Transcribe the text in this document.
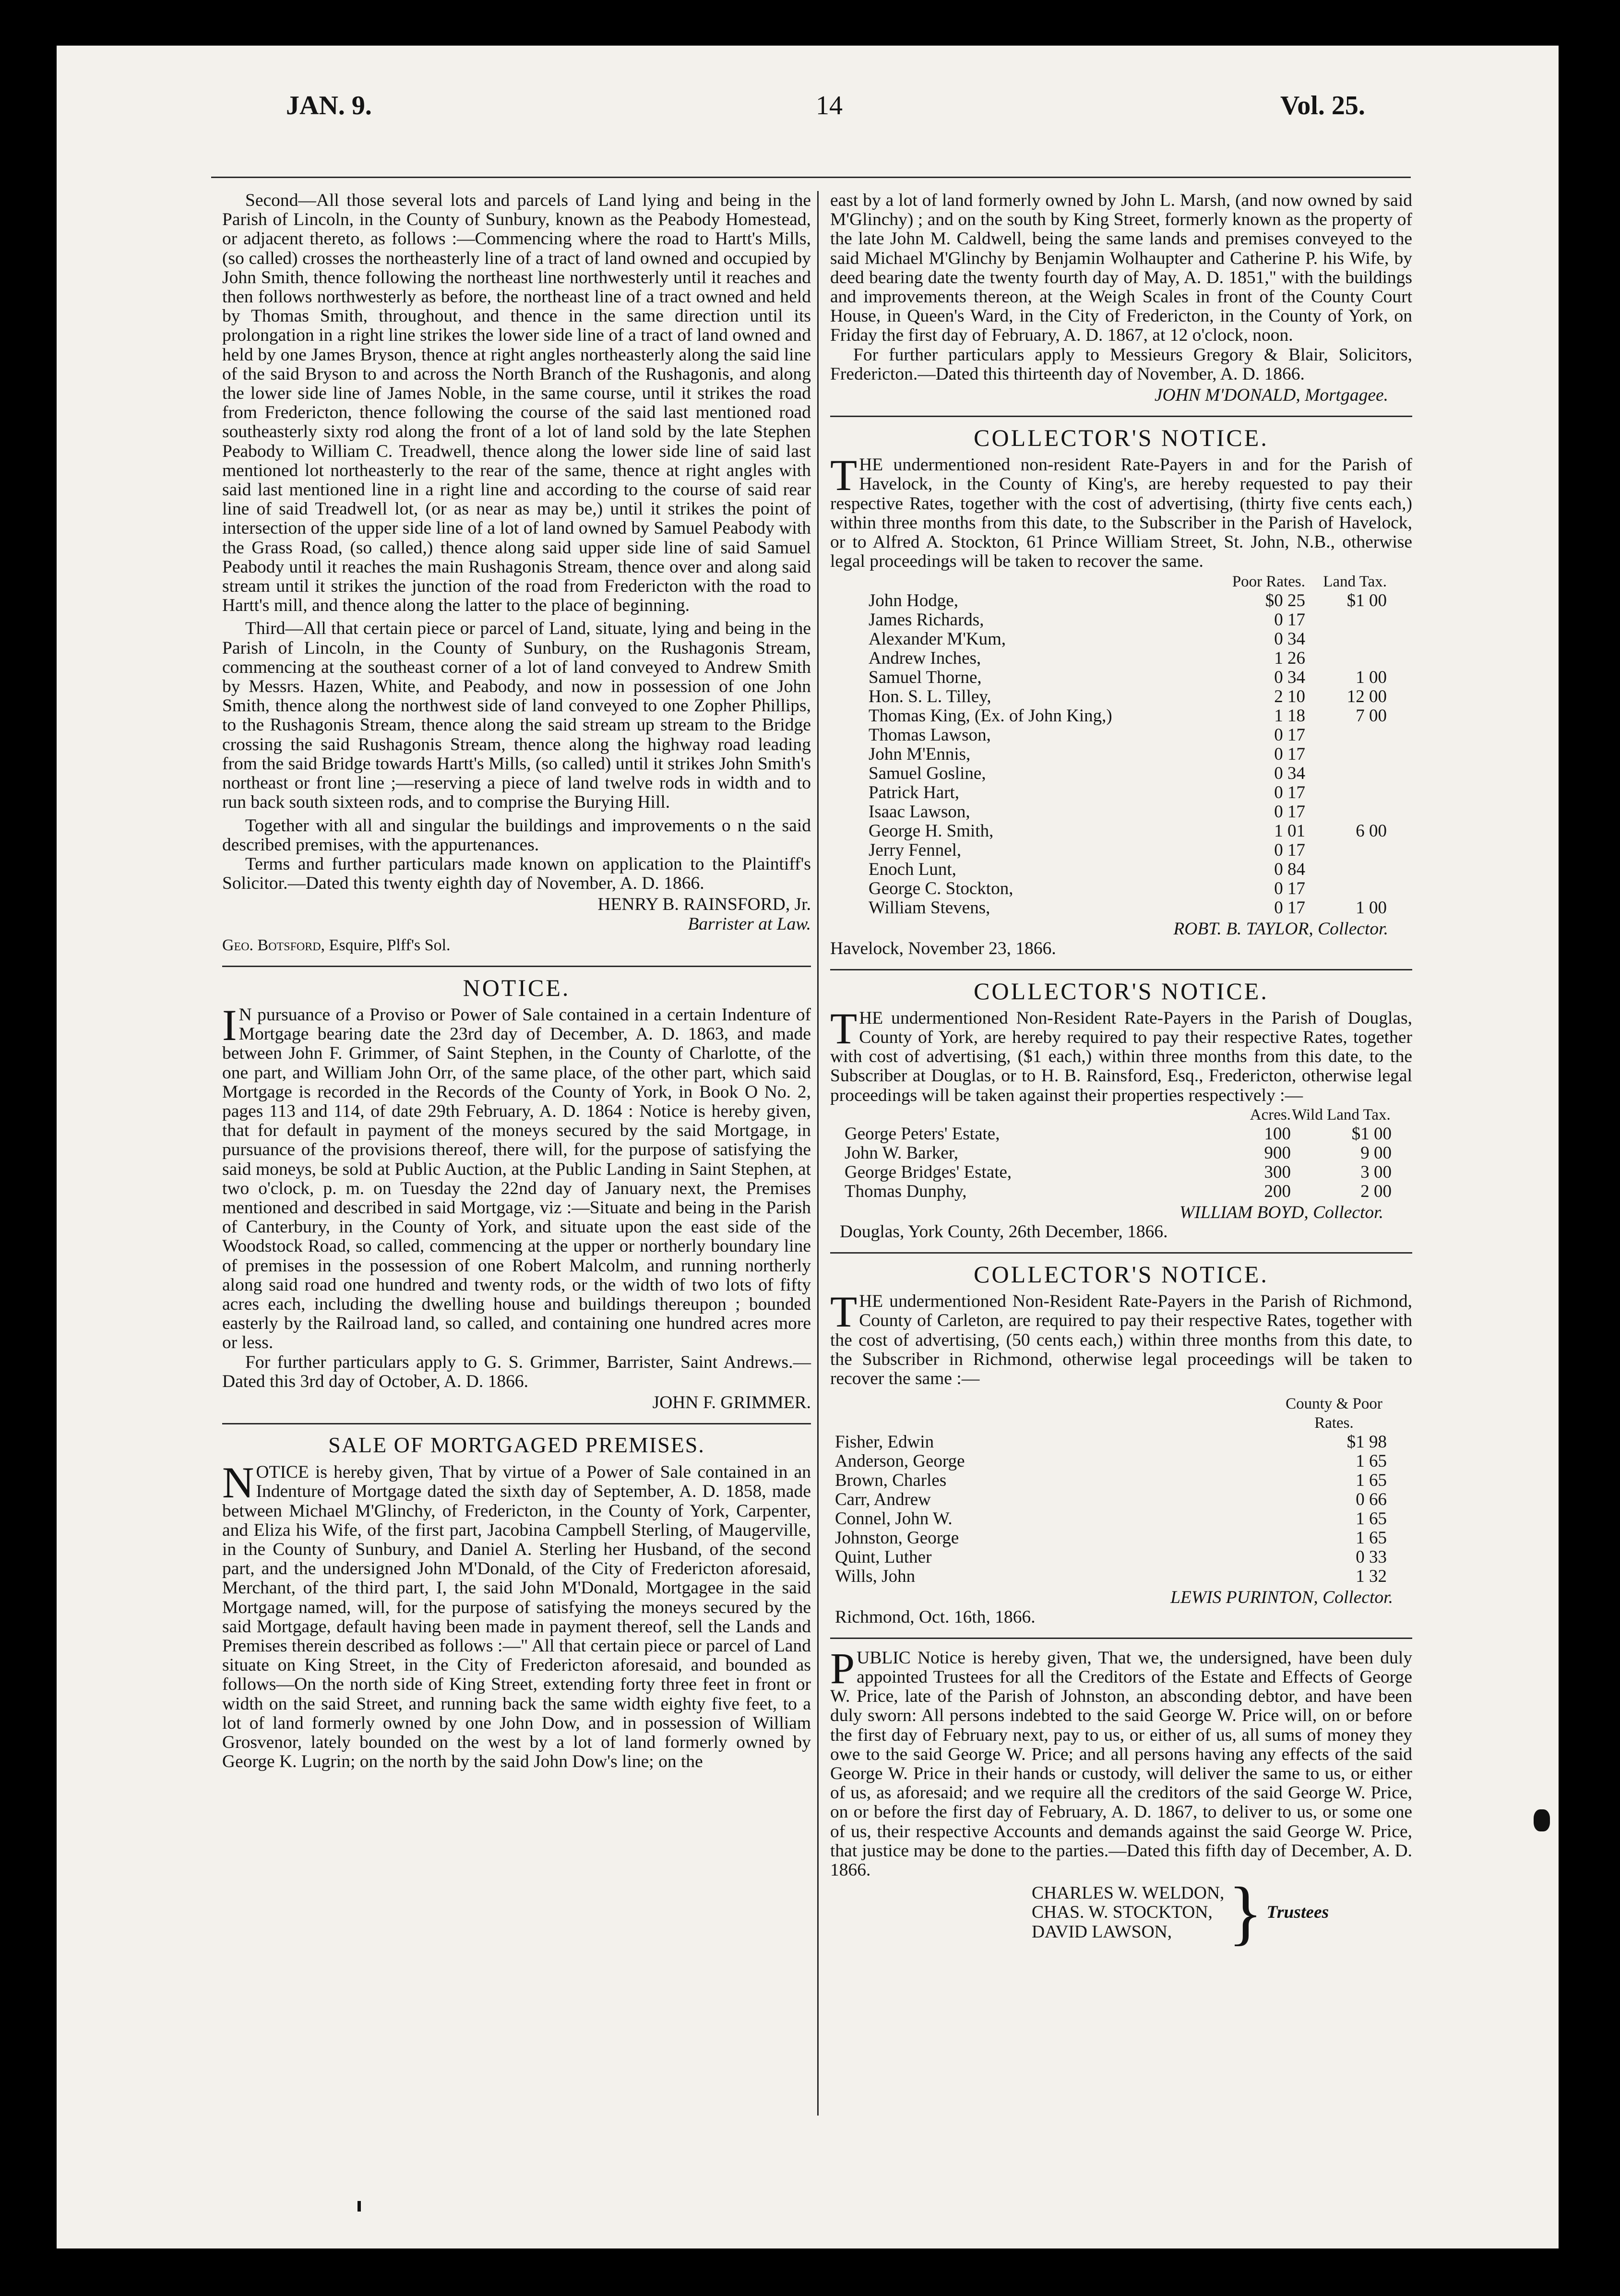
JAN. 9.	14	Vol. 25.

Second—All those several lots and parcels of Land lying and being in the Parish of Lincoln, in the County of Sunbury, known as the Peabody Homestead, or adjacent thereto, as follows :—Commencing where the road to Hartt's Mills, (so called) crosses the northeasterly line of a tract of land owned and occupied by John Smith, thence following the northeast line northwesterly until it reaches and then follows northwesterly as before, the northeast line of a tract owned and held by Thomas Smith, throughout, and thence in the same direction until its prolongation in a right line strikes the lower side line of a tract of land owned and held by one James Bryson, thence at right angles northeasterly along the said line of the said Bryson to and across the North Branch of the Rushagonis, and along the lower side line of James Noble, in the same course, until it strikes the road from Fredericton, thence following the course of the said last mentioned road southeasterly sixty rod along the front of a lot of land sold by the late Stephen Peabody to William C. Treadwell, thence along the lower side line of said last mentioned lot northeasterly to the rear of the same, thence at right angles with said last mentioned line in a right line and according to the course of said rear line of said Treadwell lot, (or as near as may be,) until it strikes the point of intersection of the upper side line of a lot of land owned by Samuel Peabody with the Grass Road, (so called,) thence along said upper side line of said Samuel Peabody until it reaches the main Rushagonis Stream, thence over and along said stream until it strikes the junction of the road from Fredericton with the road to Hartt's mill, and thence along the latter to the place of beginning.

Third—All that certain piece or parcel of Land, situate, lying and being in the Parish of Lincoln, in the County of Sunbury, on the Rushagonis Stream, commencing at the southeast corner of a lot of land conveyed to Andrew Smith by Messrs. Hazen, White, and Peabody, and now in possession of one John Smith, thence along the northwest side of land conveyed to one Zopher Phillips, to the Rushagonis Stream, thence along the said stream up stream to the Bridge crossing the said Rushagonis Stream, thence along the highway road leading from the said Bridge towards Hartt's Mills, (so called) until it strikes John Smith's northeast or front line ;—reserving a piece of land twelve rods in width and to run back south sixteen rods, and to comprise the Burying Hill.

Together with all and singular the buildings and improvements o n the said described premises, with the appurtenances.

Terms and further particulars made known on application to the Plaintiff's Solicitor.—Dated this twenty eighth day of November, A. D. 1866.

HENRY B. RAINSFORD, Jr.

Barrister at Law.

Geo. Botsford, Esquire, Plff's Sol.

NOTICE.

I N pursuance of a Proviso or Power of Sale contained in a certain Indenture of Mortgage bearing date the 23rd day of December, A. D. 1863, and made between John F. Grimmer, of Saint Stephen, in the County of Charlotte, of the one part, and William John Orr, of the same place, of the other part, which said Mortgage is recorded in the Records of the County of York, in Book O No. 2, pages 113 and 114, of date 29th February, A. D. 1864 : Notice is hereby given, that for default in payment of the moneys secured by the said Mortgage, in pursuance of the provisions thereof, there will, for the purpose of satisfying the said moneys, be sold at Public Auction, at the Public Landing in Saint Stephen, at two o'clock, p. m. on Tuesday the 22nd day of January next, the Premises mentioned and described in said Mortgage, viz :—Situate and being in the Parish of Canterbury, in the County of York, and situate upon the east side of the Woodstock Road, so called, commencing at the upper or northerly boundary line of premises in the possession of one Robert Malcolm, and running northerly along said road one hundred and twenty rods, or the width of two lots of fifty acres each, including the dwelling house and buildings thereupon ; bounded easterly by the Railroad land, so called, and containing one hundred acres more or less.

For further particulars apply to G. S. Grimmer, Barrister, Saint Andrews.—Dated this 3rd day of October, A. D. 1866.

JOHN F. GRIMMER.

SALE OF MORTGAGED PREMISES.

NOTICE is hereby given, That by virtue of a Power of Sale contained in an Indenture of Mortgage dated the sixth day of September, A. D. 1858, made between Michael M'Glinchy, of Fredericton, in the County of York, Carpenter, and Eliza his Wife, of the first part, Jacobina Campbell Sterling, of Maugerville, in the County of Sunbury, and Daniel A. Sterling her Husband, of the second part, and the undersigned John M'Donald, of the City of Fredericton aforesaid, Merchant, of the third part, I, the said John M'Donald, Mortgagee in the said Mortgage named, will, for the purpose of satisfying the moneys secured by the said Mortgage, default having been made in payment thereof, sell the Lands and Premises therein described as follows :—" All that certain piece or parcel of Land situate on King Street, in the City of Fredericton aforesaid, and bounded as follows—On the north side of King Street, extending forty three feet in front or width on the said Street, and running back the same width eighty five feet, to a lot of land formerly owned by one John Dow, and in possession of William Grosvenor, lately bounded on the west by a lot of land formerly owned by George K. Lugrin; on the north by the said John Dow's line; on the

east by a lot of land formerly owned by John L. Marsh, (and now owned by said M'Glinchy) ; and on the south by King Street, formerly known as the property of the late John M. Caldwell, being the same lands and premises conveyed to the said Michael M'Glinchy by Benjamin Wolhaupter and Catherine P. his Wife, by deed bearing date the twenty fourth day of May, A. D. 1851," with the buildings and improvements thereon, at the Weigh Scales in front of the County Court House, in Queen's Ward, in the City of Fredericton, in the County of York, on Friday the first day of February, A. D. 1867, at 12 o'clock, noon.

For further particulars apply to Messieurs Gregory & Blair, Solicitors, Fredericton.—Dated this thirteenth day of November, A. D. 1866.

JOHN M'DONALD, Mortgagee.

COLLECTOR'S NOTICE.

THE undermentioned non-resident Rate-Payers in and for the Parish of Havelock, in the County of King's, are hereby requested to pay their respective Rates, together with the cost of advertising, (thirty five cents each,) within three months from this date, to the Subscriber in the Parish of Havelock, or to Alfred A. Stockton, 61 Prince William Street, St. John, N.B., otherwise legal proceedings will be taken to recover the same.

	Poor Rates.	Land Tax.
John Hodge,	$0 25	$1 00
James Richards,	0 17	
Alexander M'Kum,	0 34	
Andrew Inches,	1 26	
Samuel Thorne,	0 34	1 00
Hon. S. L. Tilley,	2 10	12 00
Thomas King, (Ex. of John King,)	1 18	7 00
Thomas Lawson,	0 17	
John M'Ennis,	0 17	
Samuel Gosline,	0 34	
Patrick Hart,	0 17	
Isaac Lawson,	0 17	
George H. Smith,	1 01	6 00
Jerry Fennel,	0 17	
Enoch Lunt,	0 84	
George C. Stockton,	0 17	
William Stevens,	0 17	1 00

ROBT. B. TAYLOR, Collector.

Havelock, November 23, 1866.

COLLECTOR'S NOTICE.

THE undermentioned Non-Resident Rate-Payers in the Parish of Douglas, County of York, are hereby required to pay their respective Rates, together with cost of advertising, ($1 each,) within three months from this date, to the Subscriber at Douglas, or to H. B. Rainsford, Esq., Fredericton, otherwise legal proceedings will be taken against their properties respectively :—

	Acres.	Wild Land Tax.
George Peters' Estate,	100	$1 00
John W. Barker,	900	9 00
George Bridges' Estate,	300	3 00
Thomas Dunphy,	200	2 00

WILLIAM BOYD, Collector.

Douglas, York County, 26th December, 1866.

COLLECTOR'S NOTICE.

THE undermentioned Non-Resident Rate-Payers in the Parish of Richmond, County of Carleton, are required to pay their respective Rates, together with the cost of advertising, (50 cents each,) within three months from this date, to the Subscriber in Richmond, otherwise legal proceedings will be taken to recover the same :—

	County & Poor Rates.
Fisher, Edwin	$1 98
Anderson, George	1 65
Brown, Charles	1 65
Carr, Andrew	0 66
Connel, John W.	1 65
Johnston, George	1 65
Quint, Luther	0 33
Wills, John	1 32

LEWIS PURINTON, Collector.

Richmond, Oct. 16th, 1866.

PUBLIC Notice is hereby given, That we, the undersigned, have been duly appointed Trustees for all the Creditors of the Estate and Effects of George W. Price, late of the Parish of Johnston, an absconding debtor, and have been duly sworn: All persons indebted to the said George W. Price will, on or before the first day of February next, pay to us, or either of us, all sums of money they owe to the said George W. Price; and all persons having any effects of the said George W. Price in their hands or custody, will deliver the same to us, or either of us, as aforesaid; and we require all the creditors of the said George W. Price, on or before the first day of February, A. D. 1867, to deliver to us, or some one of us, their respective Accounts and demands against the said George W. Price, that justice may be done to the parties.—Dated this fifth day of December, A. D. 1866.

CHARLES W. WELDON,
CHAS. W. STOCKTON,
DAVID LAWSON, } Trustees
